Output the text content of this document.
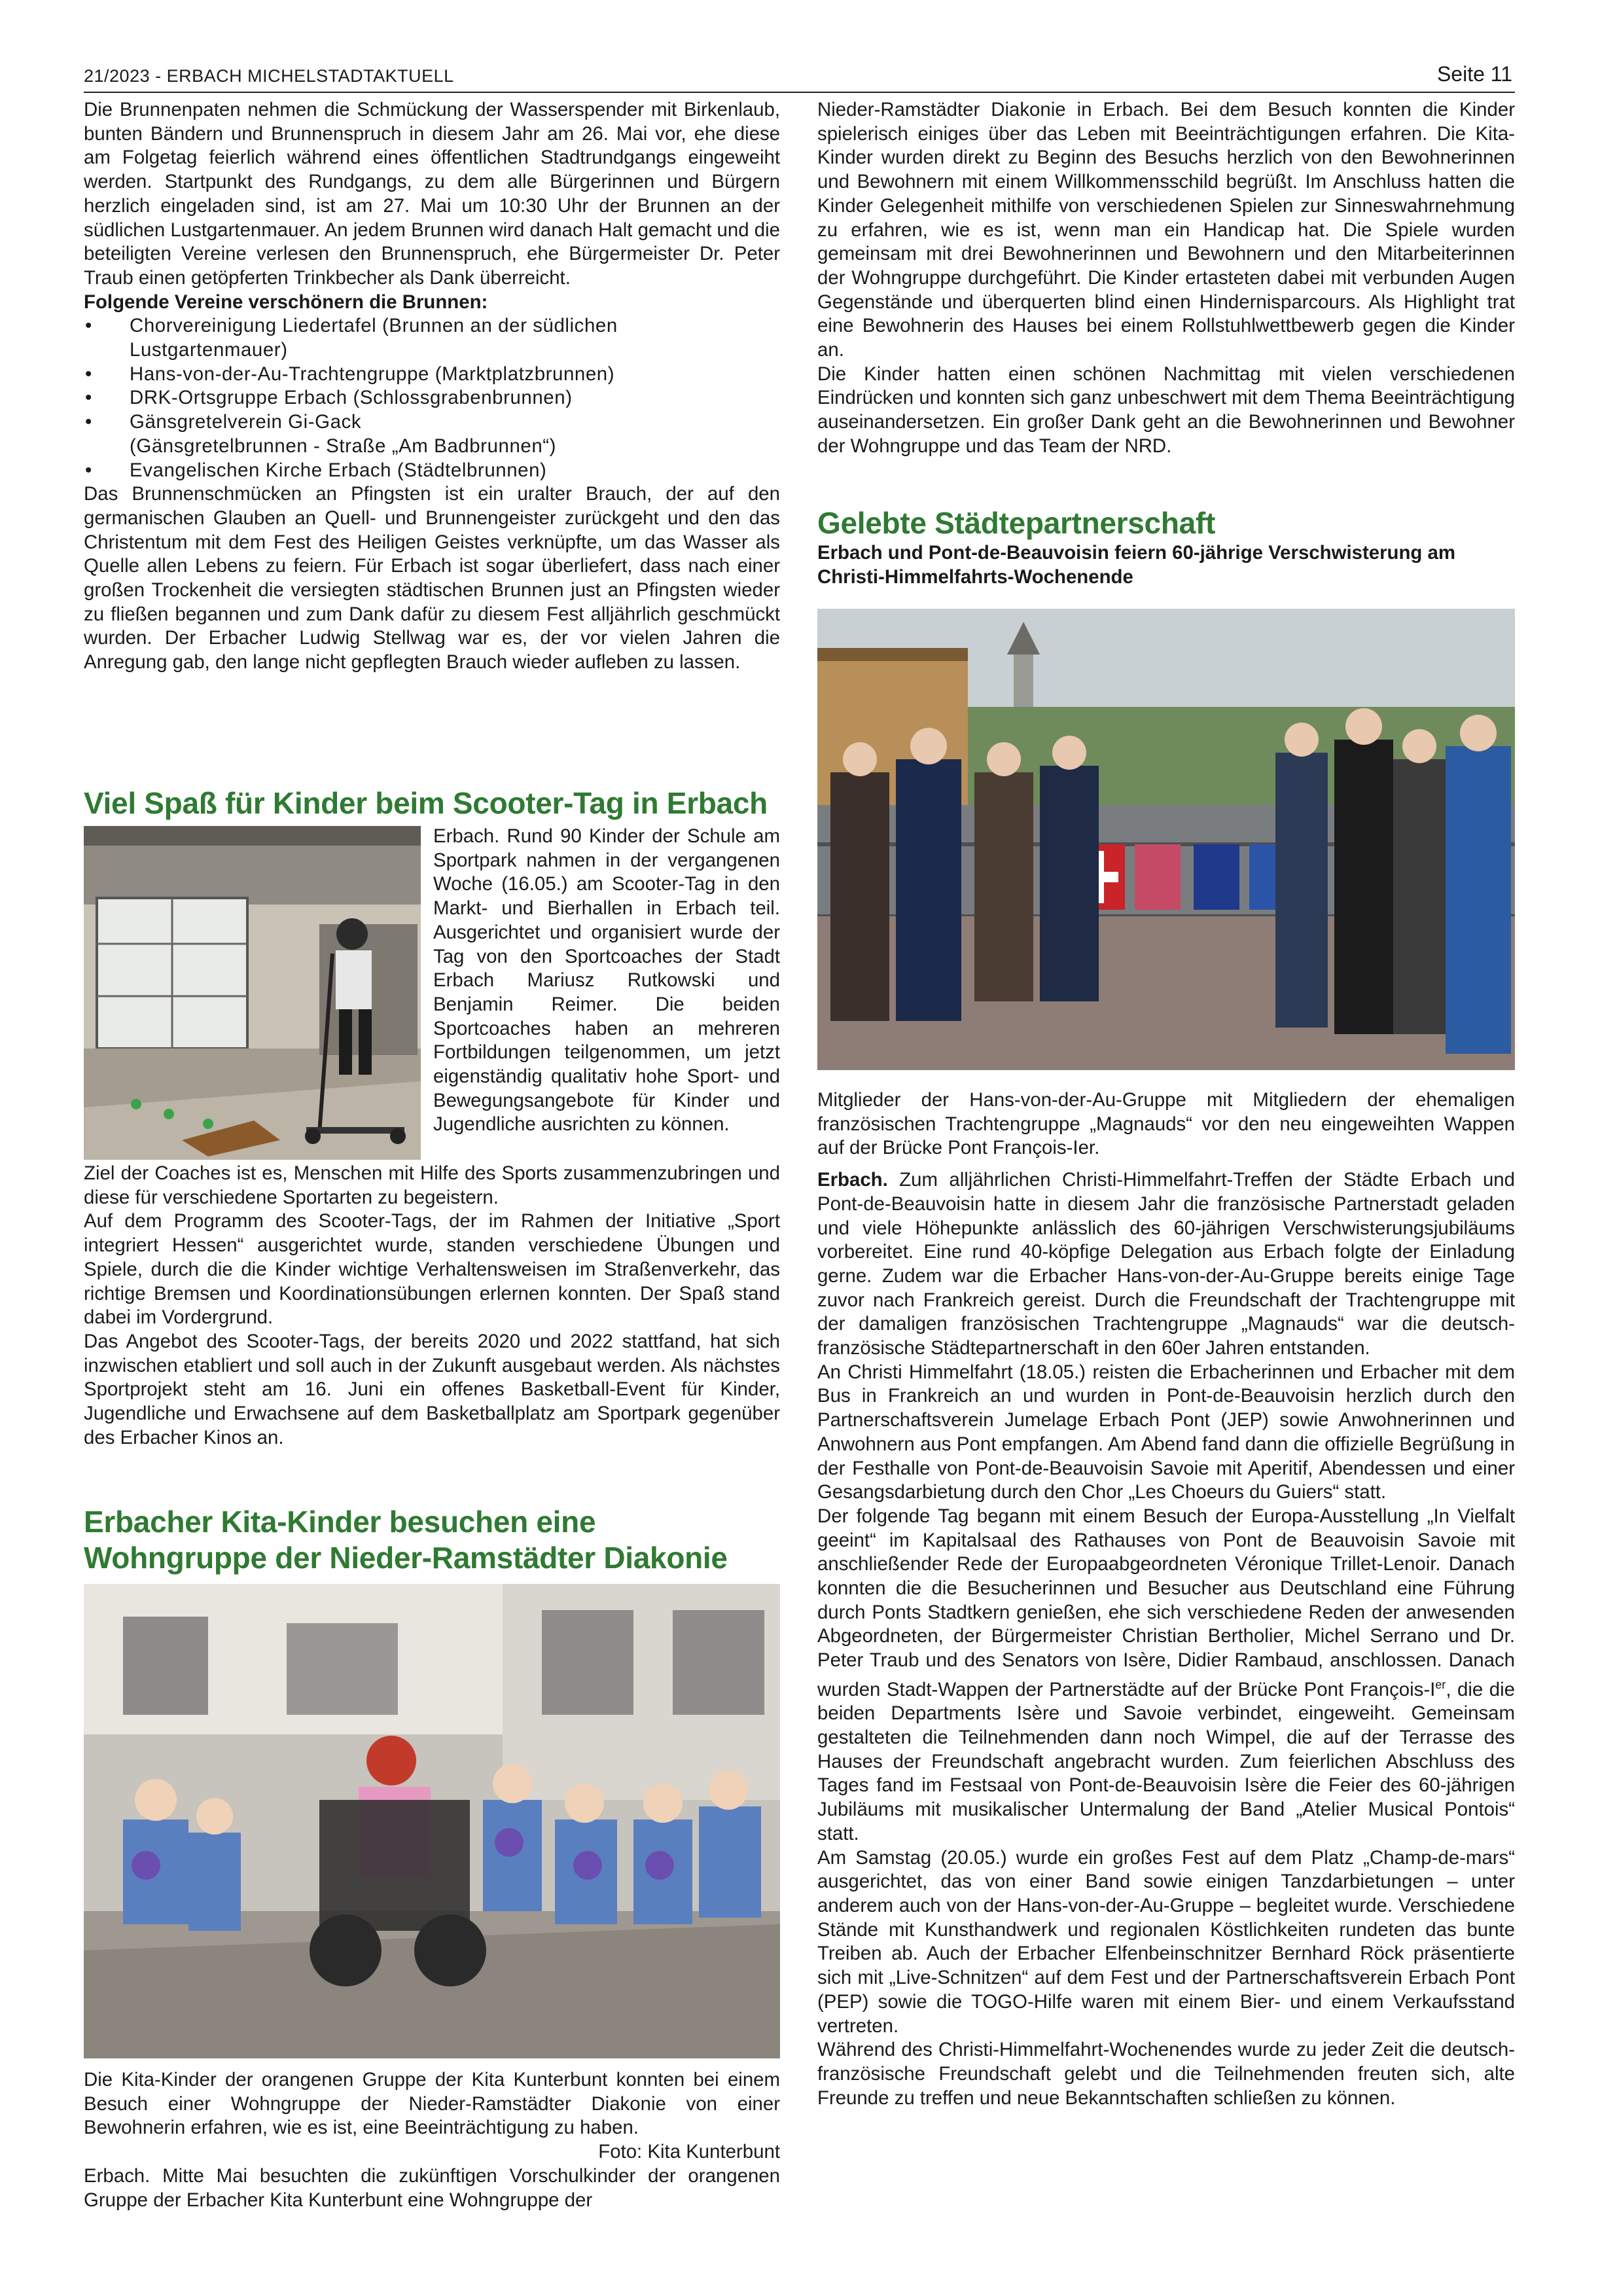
21/2023 - ERBACH MICHELSTADTAKTUELL	Seite 11

Die Brunnenpaten nehmen die Schmückung der Wasserspender mit Birkenlaub, bunten Bändern und Brunnenspruch in diesem Jahr am 26. Mai vor, ehe diese am Folgetag feierlich während eines öffentlichen Stadtrundgangs eingeweiht werden. Startpunkt des Rundgangs, zu dem alle Bürgerinnen und Bürgern herzlich eingeladen sind, ist am 27. Mai um 10:30 Uhr der Brunnen an der südlichen Lustgartenmauer. An jedem Brunnen wird danach Halt gemacht und die beteiligten Vereine verlesen den Brunnenspruch, ehe Bürgermeister Dr. Peter Traub einen getöpferten Trinkbecher als Dank überreicht.

Folgende Vereine verschönern die Brunnen:

• Chorvereinigung Liedertafel (Brunnen an der südlichen Lustgartenmauer)
• Hans-von-der-Au-Trachtengruppe (Marktplatzbrunnen)
• DRK-Ortsgruppe Erbach (Schlossgrabenbrunnen)
• Gänsgretelverein Gi-Gack
(Gänsgretelbrunnen - Straße „Am Badbrunnen“)
• Evangelischen Kirche Erbach (Städtelbrunnen)

Das Brunnenschmücken an Pfingsten ist ein uralter Brauch, der auf den germanischen Glauben an Quell- und Brunnengeister zurückgeht und den das Christentum mit dem Fest des Heiligen Geistes verknüpfte, um das Wasser als Quelle allen Lebens zu feiern. Für Erbach ist sogar überliefert, dass nach einer großen Trockenheit die versiegten städtischen Brunnen just an Pfingsten wieder zu fließen begannen und zum Dank dafür zu diesem Fest alljährlich geschmückt wurden. Der Erbacher Ludwig Stellwag war es, der vor vielen Jahren die Anregung gab, den lange nicht gepflegten Brauch wieder aufleben zu lassen.

Viel Spaß für Kinder beim Scooter-Tag in Erbach

Erbach. Rund 90 Kinder der Schule am Sportpark nahmen in der vergangenen Woche (16.05.) am Scooter-Tag in den Markt- und Bierhallen in Erbach teil. Ausgerichtet und organisiert wurde der Tag von den Sportcoaches der Stadt Erbach Mariusz Rutkowski und Benjamin Reimer. Die beiden Sportcoaches haben an mehreren Fortbildungen teilgenommen, um jetzt eigenständig qualitativ hohe Sport- und Bewegungsangebote für Kinder und Jugendliche ausrichten zu können.

Ziel der Coaches ist es, Menschen mit Hilfe des Sports zusammenzubringen und diese für verschiedene Sportarten zu begeistern.

Auf dem Programm des Scooter-Tags, der im Rahmen der Initiative „Sport integriert Hessen“ ausgerichtet wurde, standen verschiedene Übungen und Spiele, durch die die Kinder wichtige Verhaltensweisen im Straßenverkehr, das richtige Bremsen und Koordinationsübungen erlernen konnten. Der Spaß stand dabei im Vordergrund.

Das Angebot des Scooter-Tags, der bereits 2020 und 2022 stattfand, hat sich inzwischen etabliert und soll auch in der Zukunft ausgebaut werden. Als nächstes Sportprojekt steht am 16. Juni ein offenes Basketball-Event für Kinder, Jugendliche und Erwachsene auf dem Basketballplatz am Sportpark gegenüber des Erbacher Kinos an.

Erbacher Kita-Kinder besuchen eine
Wohngruppe der Nieder-Ramstädter Diakonie

Die Kita-Kinder der orangenen Gruppe der Kita Kunterbunt konnten bei einem Besuch einer Wohngruppe der Nieder-Ramstädter Diakonie von einer Bewohnerin erfahren, wie es ist, eine Beeinträchtigung zu haben.

Foto: Kita Kunterbunt

Erbach. Mitte Mai besuchten die zukünftigen Vorschulkinder der orangenen Gruppe der Erbacher Kita Kunterbunt eine Wohngruppe der

Nieder-Ramstädter Diakonie in Erbach. Bei dem Besuch konnten die Kinder spielerisch einiges über das Leben mit Beeinträchtigungen erfahren. Die Kita-Kinder wurden direkt zu Beginn des Besuchs herzlich von den Bewohnerinnen und Bewohnern mit einem Willkommensschild begrüßt. Im Anschluss hatten die Kinder Gelegenheit mithilfe von verschiedenen Spielen zur Sinneswahrnehmung zu erfahren, wie es ist, wenn man ein Handicap hat. Die Spiele wurden gemeinsam mit drei Bewohnerinnen und Bewohnern und den Mitarbeiterinnen der Wohngruppe durchgeführt. Die Kinder ertasteten dabei mit verbunden Augen Gegenstände und überquerten blind einen Hindernisparcours. Als Highlight trat eine Bewohnerin des Hauses bei einem Rollstuhlwettbewerb gegen die Kinder an.

Die Kinder hatten einen schönen Nachmittag mit vielen verschiedenen Eindrücken und konnten sich ganz unbeschwert mit dem Thema Beeinträchtigung auseinandersetzen. Ein großer Dank geht an die Bewohnerinnen und Bewohner der Wohngruppe und das Team der NRD.

Gelebte Städtepartnerschaft

Erbach und Pont-de-Beauvoisin feiern 60-jährige Verschwisterung am Christi-Himmelfahrts-Wochenende

Mitglieder der Hans-von-der-Au-Gruppe mit Mitgliedern der ehemaligen französischen Trachtengruppe „Magnauds“ vor den neu eingeweihten Wappen auf der Brücke Pont François-Ier.

Erbach. Zum alljährlichen Christi-Himmelfahrt-Treffen der Städte Erbach und Pont-de-Beauvoisin hatte in diesem Jahr die französische Partnerstadt geladen und viele Höhepunkte anlässlich des 60-jährigen Verschwisterungsjubiläums vorbereitet. Eine rund 40-köpfige Delegation aus Erbach folgte der Einladung gerne. Zudem war die Erbacher Hans-von-der-Au-Gruppe bereits einige Tage zuvor nach Frankreich gereist. Durch die Freundschaft der Trachtengruppe mit der damaligen französischen Trachtengruppe „Magnauds“ war die deutsch-französische Städtepartnerschaft in den 60er Jahren entstanden.

An Christi Himmelfahrt (18.05.) reisten die Erbacherinnen und Erbacher mit dem Bus in Frankreich an und wurden in Pont-de-Beauvoisin herzlich durch den Partnerschaftsverein Jumelage Erbach Pont (JEP) sowie Anwohnerinnen und Anwohnern aus Pont empfangen. Am Abend fand dann die offizielle Begrüßung in der Festhalle von Pont-de-Beauvoisin Savoie mit Aperitif, Abendessen und einer Gesangsdarbietung durch den Chor „Les Choeurs du Guiers“ statt.

Der folgende Tag begann mit einem Besuch der Europa-Ausstellung „In Vielfalt geeint“ im Kapitalsaal des Rathauses von Pont de Beauvoisin Savoie mit anschließender Rede der Europaabgeordneten Véronique Trillet-Lenoir. Danach konnten die die Besucherinnen und Besucher aus Deutschland eine Führung durch Ponts Stadtkern genießen, ehe sich verschiedene Reden der anwesenden Abgeordneten, der Bürgermeister Christian Bertholier, Michel Serrano und Dr. Peter Traub und des Senators von Isère, Didier Rambaud, anschlossen. Danach wurden Stadt-Wappen der Partnerstädte auf der Brücke Pont François-Ier, die die beiden Departments Isère und Savoie verbindet, eingeweiht. Gemeinsam gestalteten die Teilnehmenden dann noch Wimpel, die auf der Terrasse des Hauses der Freundschaft angebracht wurden. Zum feierlichen Abschluss des Tages fand im Festsaal von Pont-de-Beauvoisin Isère die Feier des 60-jährigen Jubiläums mit musikalischer Untermalung der Band „Atelier Musical Pontois“ statt.

Am Samstag (20.05.) wurde ein großes Fest auf dem Platz „Champ-de-mars“ ausgerichtet, das von einer Band sowie einigen Tanzdarbietungen – unter anderem auch von der Hans-von-der-Au-Gruppe – begleitet wurde. Verschiedene Stände mit Kunsthandwerk und regionalen Köstlichkeiten rundeten das bunte Treiben ab. Auch der Erbacher Elfenbeinschnitzer Bernhard Röck präsentierte sich mit „Live-Schnitzen“ auf dem Fest und der Partnerschaftsverein Erbach Pont (PEP) sowie die TOGO-Hilfe waren mit einem Bier- und einem Verkaufsstand vertreten.

Während des Christi-Himmelfahrt-Wochenendes wurde zu jeder Zeit die deutsch-französische Freundschaft gelebt und die Teilnehmenden freuten sich, alte Freunde zu treffen und neue Bekanntschaften schließen zu können.
